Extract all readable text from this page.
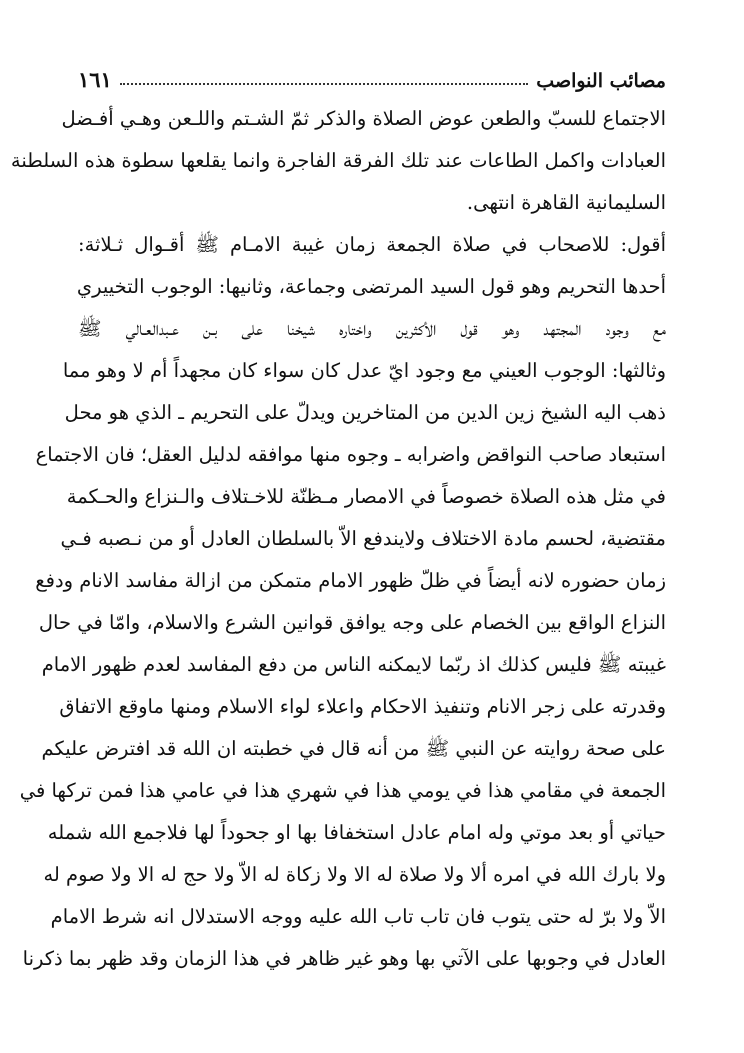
مصائب النواصب
١٦١
الاجتماع للسبّ والطعن عوض الصلاة والذكر ثمّ الشـتم واللـعن وهـي أفـضل
العبادات واكمل الطاعات عند تلك الفرقة الفاجرة وانما يقلعها سطوة هذه السلطنة
السليمانية القاهرة انتهى.
أقول: للاصحاب في صلاة الجمعة زمان غيبة الامـام ﷺ أقـوال ثـلاثة:
أحدها التحريم وهو قول السيد المرتضى وجماعة، وثانيها: الوجوب التخييري
مع وجود المجتهد وهو قول الأكثرين واختاره شيخنا على بـن عـبدالعـالي ﷺ
وثالثها: الوجوب العيني مع وجود ايّ عدل كان سواء كان مجهداً أم لا وهو مما
ذهب اليه الشيخ زين الدين من المتاخرين ويدلّ على التحريم ـ الذي هو محل
استبعاد صاحب النواقض واضرابه ـ وجوه منها موافقه لدليل العقل؛ فان الاجتماع
في مثل هذه الصلاة خصوصاً في الامصار مـظنّة للاخـتلاف والـنزاع والحـكمة
مقتضية، لحسم مادة الاختلاف ولايندفع الاّ بالسلطان العادل أو من نـصبه فـي
زمان حضوره لانه أيضاً في ظلّ ظهور الامام متمكن من ازالة مفاسد الانام ودفع
النزاع الواقع بين الخصام على وجه يوافق قوانين الشرع والاسلام، وامّا في حال
غيبته ﷺ فليس كذلك اذ ربّما لايمكنه الناس من دفع المفاسد لعدم ظهور الامام
وقدرته على زجر الانام وتنفيذ الاحكام واعلاء لواء الاسلام ومنها ماوقع الاتفاق
على صحة روايته عن النبي ﷺ من أنه قال في خطبته ان الله قد افترض عليكم
الجمعة في مقامي هذا في يومي هذا في شهري هذا في عامي هذا فمن تركها في
حياتي أو بعد موتي وله امام عادل استخفافا بها او جحوداً لها فلاجمع الله شمله
ولا بارك الله في امره ألا ولا صلاة له الا ولا زكاة له الاّ ولا حج له الا ولا صوم له
الاّ ولا برّ له حتى يتوب فان تاب تاب الله عليه ووجه الاستدلال انه شرط الامام
العادل في وجوبها على الآتي بها وهو غير ظاهر في هذا الزمان وقد ظهر بما ذكرنا
